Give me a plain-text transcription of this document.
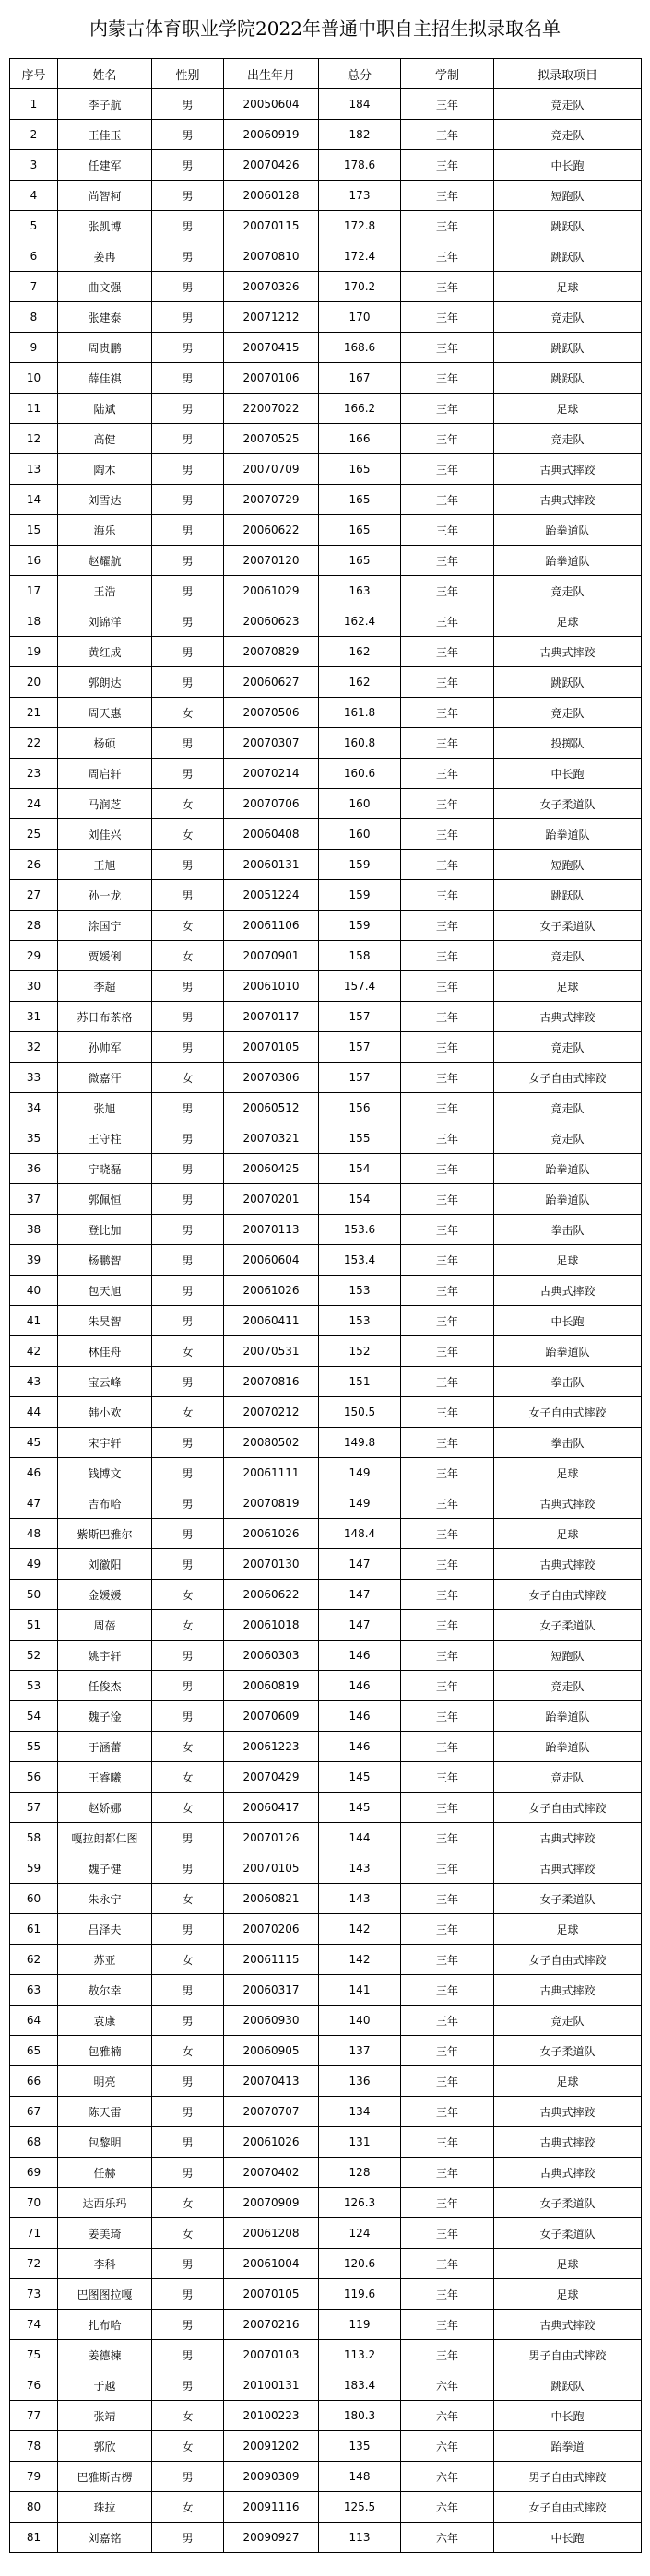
内蒙古体育职业学院2022年普通中职自主招生拟录取名单
序号	姓名	性别	出生年月	总分	学制	拟录取项目
1	李子航	男	20050604	184	三年	竞走队
2	王佳玉	男	20060919	182	三年	竞走队
3	任建军	男	20070426	178.6	三年	中长跑
4	尚智柯	男	20060128	173	三年	短跑队
5	张凯博	男	20070115	172.8	三年	跳跃队
6	姜冉	男	20070810	172.4	三年	跳跃队
7	曲文强	男	20070326	170.2	三年	足球
8	张建泰	男	20071212	170	三年	竞走队
9	周贵鹏	男	20070415	168.6	三年	跳跃队
10	薛佳祺	男	20070106	167	三年	跳跃队
11	陆斌	男	22007022	166.2	三年	足球
12	高健	男	20070525	166	三年	竞走队
13	陶木	男	20070709	165	三年	古典式摔跤
14	刘雪达	男	20070729	165	三年	古典式摔跤
15	海乐	男	20060622	165	三年	跆拳道队
16	赵耀航	男	20070120	165	三年	跆拳道队
17	王浩	男	20061029	163	三年	竞走队
18	刘锦洋	男	20060623	162.4	三年	足球
19	黄红成	男	20070829	162	三年	古典式摔跤
20	郭朗达	男	20060627	162	三年	跳跃队
21	周天惠	女	20070506	161.8	三年	竞走队
22	杨硕	男	20070307	160.8	三年	投掷队
23	周启轩	男	20070214	160.6	三年	中长跑
24	马润芝	女	20070706	160	三年	女子柔道队
25	刘佳兴	女	20060408	160	三年	跆拳道队
26	王旭	男	20060131	159	三年	短跑队
27	孙一龙	男	20051224	159	三年	跳跃队
28	涂国宁	女	20061106	159	三年	女子柔道队
29	贾媛俐	女	20070901	158	三年	竞走队
30	李超	男	20061010	157.4	三年	足球
31	苏日布茶格	男	20070117	157	三年	古典式摔跤
32	孙帅军	男	20070105	157	三年	竞走队
33	微嘉汗	女	20070306	157	三年	女子自由式摔跤
34	张旭	男	20060512	156	三年	竞走队
35	王守柱	男	20070321	155	三年	竞走队
36	宁晓磊	男	20060425	154	三年	跆拳道队
37	郭佩恒	男	20070201	154	三年	跆拳道队
38	登比加	男	20070113	153.6	三年	拳击队
39	杨鹏智	男	20060604	153.4	三年	足球
40	包天旭	男	20061026	153	三年	古典式摔跤
41	朱昊智	男	20060411	153	三年	中长跑
42	林佳舟	女	20070531	152	三年	跆拳道队
43	宝云峰	男	20070816	151	三年	拳击队
44	韩小欢	女	20070212	150.5	三年	女子自由式摔跤
45	宋宇轩	男	20080502	149.8	三年	拳击队
46	钱博文	男	20061111	149	三年	足球
47	吉布哈	男	20070819	149	三年	古典式摔跤
48	紫斯巴雅尔	男	20061026	148.4	三年	足球
49	刘徽阳	男	20070130	147	三年	古典式摔跤
50	金媛媛	女	20060622	147	三年	女子自由式摔跤
51	周蓓	女	20061018	147	三年	女子柔道队
52	姚宇轩	男	20060303	146	三年	短跑队
53	任俊杰	男	20060819	146	三年	竞走队
54	魏子淦	男	20070609	146	三年	跆拳道队
55	于涵蕾	女	20061223	146	三年	跆拳道队
56	王睿曦	女	20070429	145	三年	竞走队
57	赵娇娜	女	20060417	145	三年	女子自由式摔跤
58	嘎拉朗都仁图	男	20070126	144	三年	古典式摔跤
59	魏子健	男	20070105	143	三年	古典式摔跤
60	朱永宁	女	20060821	143	三年	女子柔道队
61	吕泽夫	男	20070206	142	三年	足球
62	苏亚	女	20061115	142	三年	女子自由式摔跤
63	敖尔幸	男	20060317	141	三年	古典式摔跤
64	袁康	男	20060930	140	三年	竞走队
65	包雅楠	女	20060905	137	三年	女子柔道队
66	明亮	男	20070413	136	三年	足球
67	陈天雷	男	20070707	134	三年	古典式摔跤
68	包黎明	男	20061026	131	三年	古典式摔跤
69	任赫	男	20070402	128	三年	古典式摔跤
70	达西乐玛	女	20070909	126.3	三年	女子柔道队
71	姜美琦	女	20061208	124	三年	女子柔道队
72	李科	男	20061004	120.6	三年	足球
73	巴图图拉嘎	男	20070105	119.6	三年	足球
74	扎布哈	男	20070216	119	三年	古典式摔跤
75	姜德楝	男	20070103	113.2	三年	男子自由式摔跤
76	于越	男	20100131	183.4	六年	跳跃队
77	张靖	女	20100223	180.3	六年	中长跑
78	郭欣	女	20091202	135	六年	跆拳道
79	巴雅斯古楞	男	20090309	148	六年	男子自由式摔跤
80	珠拉	女	20091116	125.5	六年	女子自由式摔跤
81	刘嘉铭	男	20090927	113	六年	中长跑
